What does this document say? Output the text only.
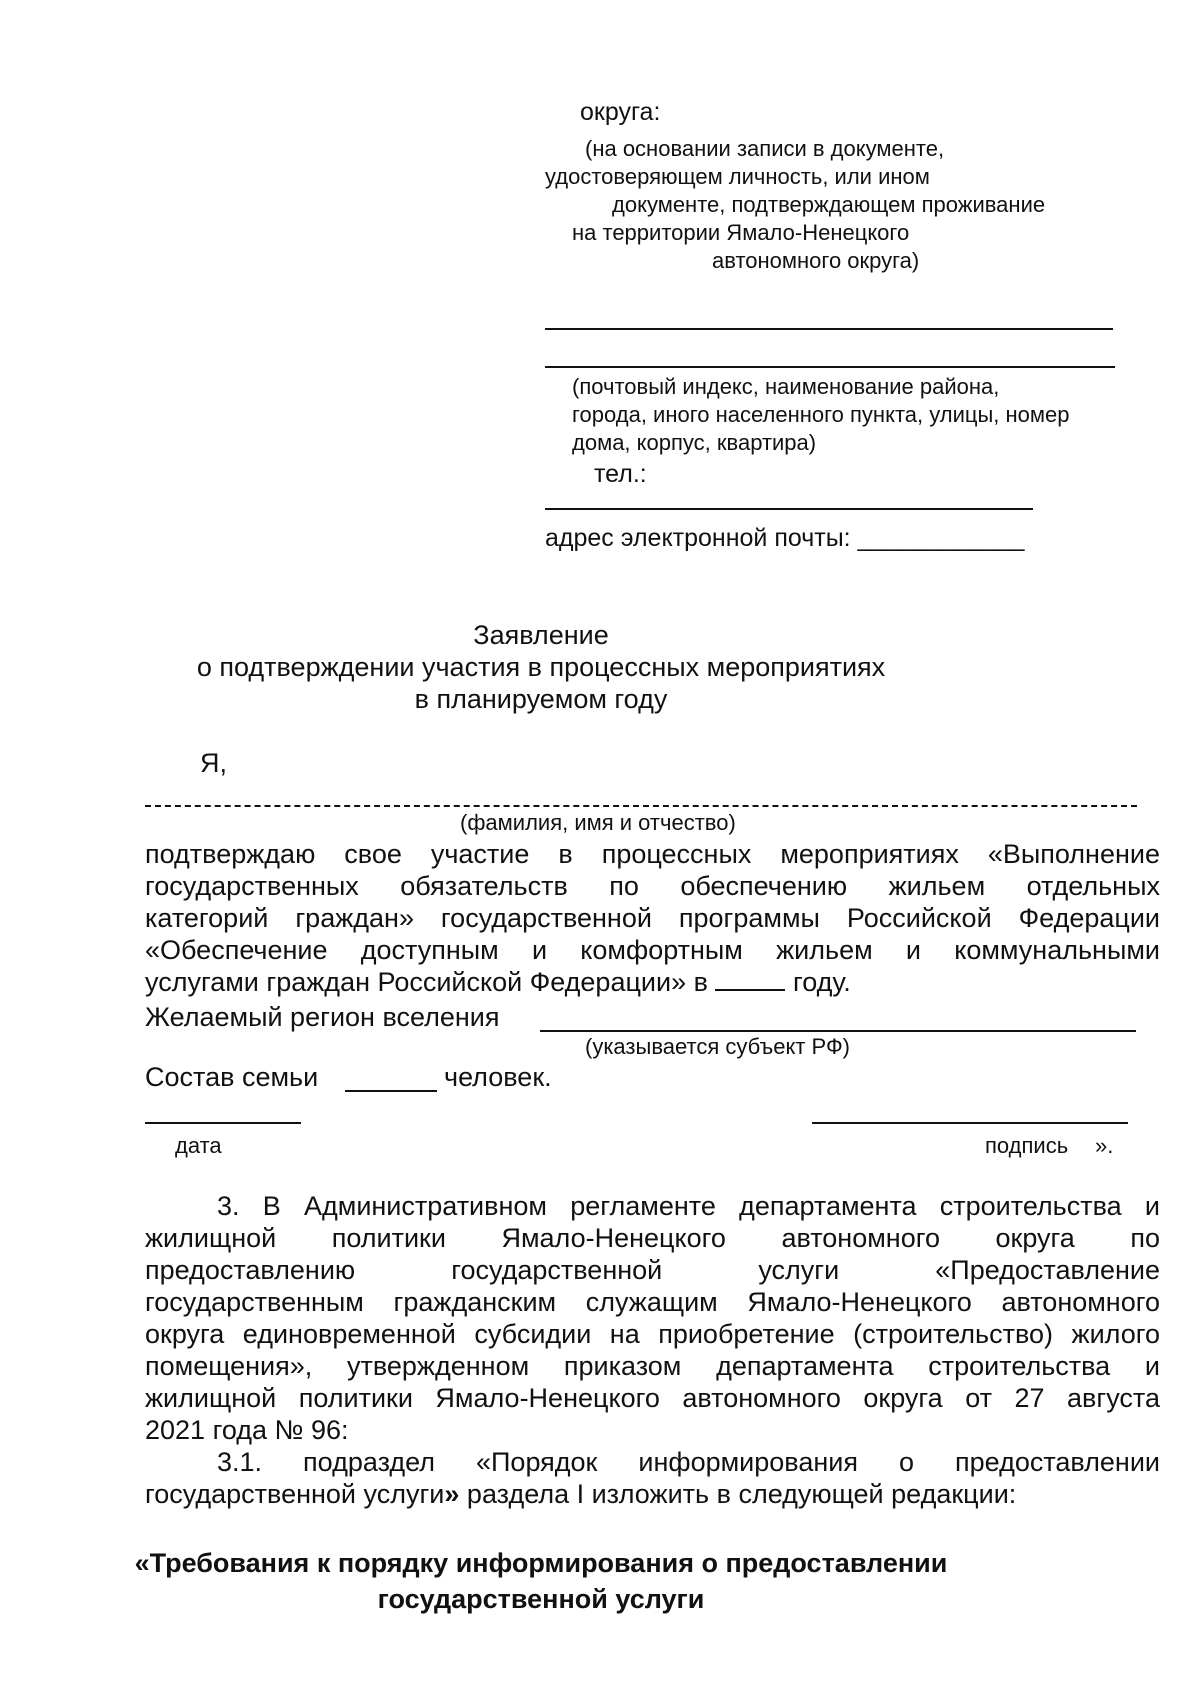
округа:
(на основании записи в документе,
удостоверяющем личность, или ином
документе, подтверждающем проживание
на территории Ямало-Ненецкого
автономного округа)
(почтовый индекс, наименование района,
города, иного населенного пункта, улицы, номер
дома, корпус, квартира)
тел.:
адрес электронной почты: ____________
Заявление
о подтверждении участия в процессных мероприятиях
в планируемом году
Я,
(фамилия, имя и отчество)
подтверждаю свое участие в процессных мероприятиях «Выполнение
государственных обязательств по обеспечению жильем отдельных
категорий граждан» государственной программы Российской Федерации
«Обеспечение доступным и комфортным жильем и коммунальными
услугами граждан Российской Федерации» в	году.
Желаемый регион вселения
(указывается субъект РФ)
Состав семьи	человек.
дата	подпись ».
3. В Административном регламенте департамента строительства и
жилищной политики Ямало-Ненецкого автономного округа по
предоставлению государственной услуги «Предоставление
государственным гражданским служащим Ямало-Ненецкого автономного
округа единовременной субсидии на приобретение (строительство) жилого
помещения», утвержденном приказом департамента строительства и
жилищной политики Ямало-Ненецкого автономного округа от 27 августа
2021 года № 96:
3.1. подраздел «Порядок информирования о предоставлении
государственной услуги» раздела I изложить в следующей редакции:
«Требования к порядку информирования о предоставлении
государственной услуги
